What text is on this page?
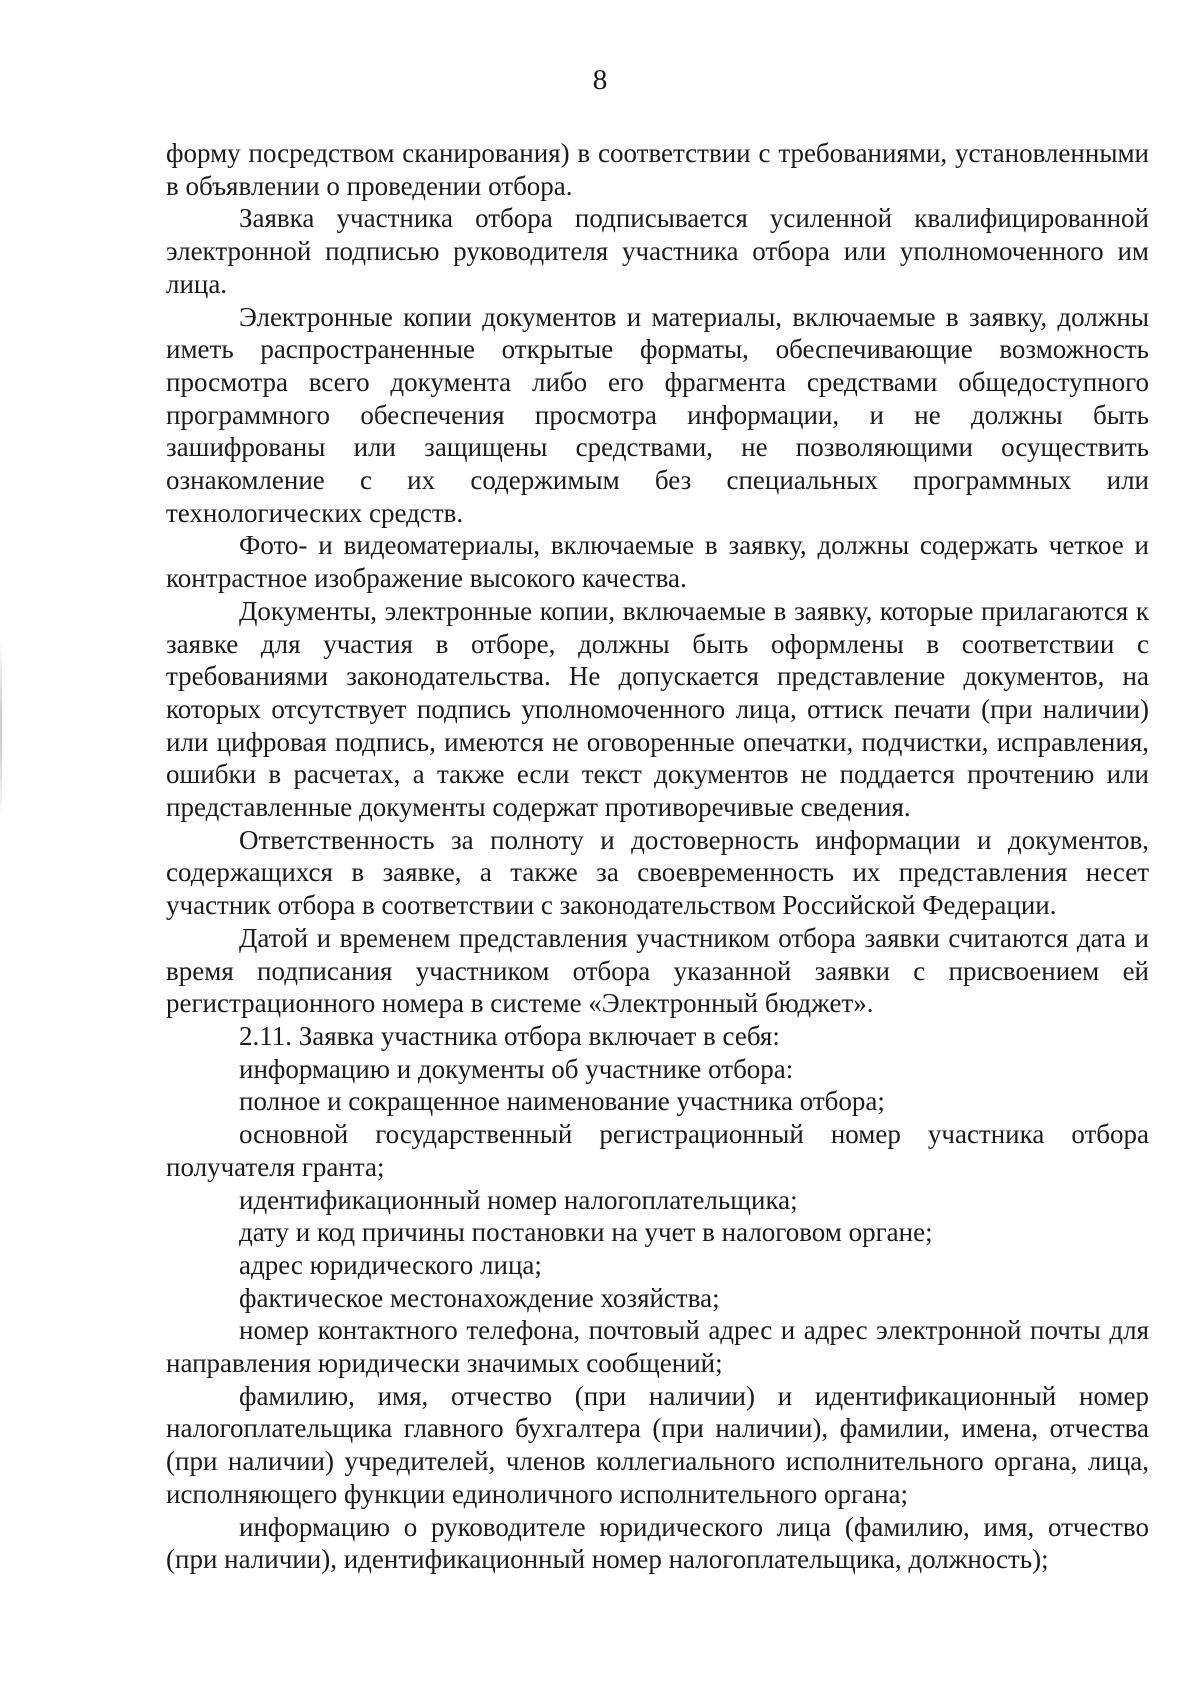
8

форму посредством сканирования) в соответствии с требованиями, установленными в объявлении о проведении отбора.

Заявка участника отбора подписывается усиленной квалифицированной электронной подписью руководителя участника отбора или уполномоченного им лица.

Электронные копии документов и материалы, включаемые в заявку, должны иметь распространенные открытые форматы, обеспечивающие возможность просмотра всего документа либо его фрагмента средствами общедоступного программного обеспечения просмотра информации, и не должны быть зашифрованы или защищены средствами, не позволяющими осуществить ознакомление с их содержимым без специальных программных или технологических средств.

Фото- и видеоматериалы, включаемые в заявку, должны содержать четкое и контрастное изображение высокого качества.

Документы, электронные копии, включаемые в заявку, которые прилагаются к заявке для участия в отборе, должны быть оформлены в соответствии с требованиями законодательства. Не допускается представление документов, на которых отсутствует подпись уполномоченного лица, оттиск печати (при наличии) или цифровая подпись, имеются не оговоренные опечатки, подчистки, исправления, ошибки в расчетах, а также если текст документов не поддается прочтению или представленные документы содержат противоречивые сведения.

Ответственность за полноту и достоверность информации и документов, содержащихся в заявке, а также за своевременность их представления несет участник отбора в соответствии с законодательством Российской Федерации.

Датой и временем представления участником отбора заявки считаются дата и время подписания участником отбора указанной заявки с присвоением ей регистрационного номера в системе «Электронный бюджет».

2.11. Заявка участника отбора включает в себя:

информацию и документы об участнике отбора:

полное и сокращенное наименование участника отбора;

основной государственный регистрационный номер участника отбора получателя гранта;

идентификационный номер налогоплательщика;

дату и код причины постановки на учет в налоговом органе;

адрес юридического лица;

фактическое местонахождение хозяйства;

номер контактного телефона, почтовый адрес и адрес электронной почты для направления юридически значимых сообщений;

фамилию, имя, отчество (при наличии) и идентификационный номер налогоплательщика главного бухгалтера (при наличии), фамилии, имена, отчества (при наличии) учредителей, членов коллегиального исполнительного органа, лица, исполняющего функции единоличного исполнительного органа;

информацию о руководителе юридического лица (фамилию, имя, отчество (при наличии), идентификационный номер налогоплательщика, должность);
